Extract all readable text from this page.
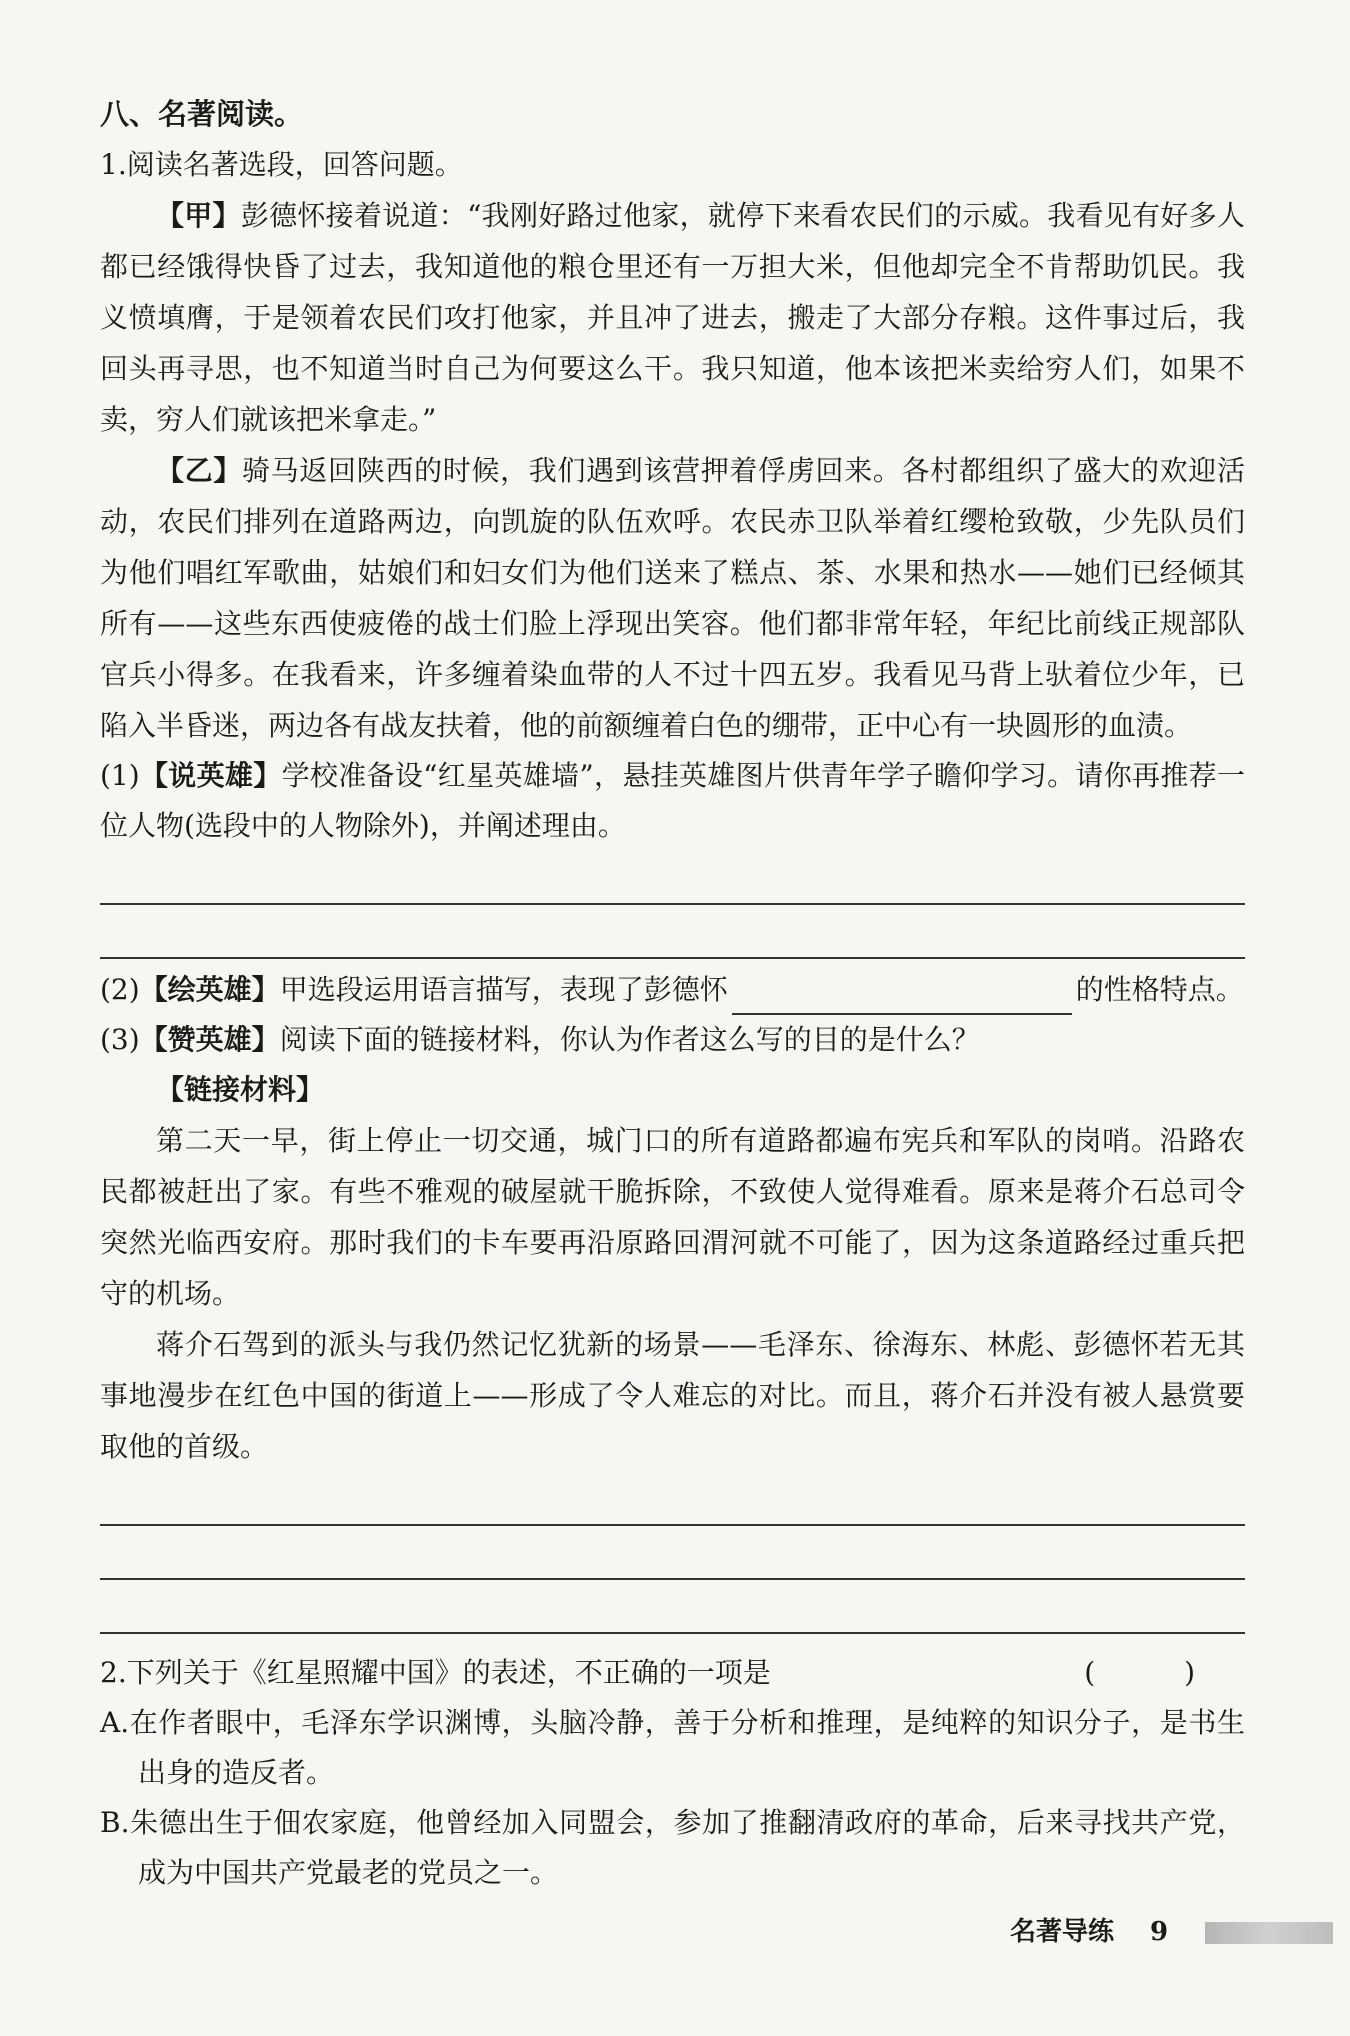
八、名著阅读。

1.阅读名著选段，回答问题。

【甲】彭德怀接着说道：“我刚好路过他家，就停下来看农民们的示威。我看见有好多人都已经饿得快昏了过去，我知道他的粮仓里还有一万担大米，但他却完全不肯帮助饥民。我义愤填膺，于是领着农民们攻打他家，并且冲了进去，搬走了大部分存粮。这件事过后，我回头再寻思，也不知道当时自己为何要这么干。我只知道，他本该把米卖给穷人们，如果不卖，穷人们就该把米拿走。”

【乙】骑马返回陕西的时候，我们遇到该营押着俘虏回来。各村都组织了盛大的欢迎活动，农民们排列在道路两边，向凯旋的队伍欢呼。农民赤卫队举着红缨枪致敬，少先队员们为他们唱红军歌曲，姑娘们和妇女们为他们送来了糕点、茶、水果和热水——她们已经倾其所有——这些东西使疲倦的战士们脸上浮现出笑容。他们都非常年轻，年纪比前线正规部队官兵小得多。在我看来，许多缠着染血带的人不过十四五岁。我看见马背上驮着位少年，已陷入半昏迷，两边各有战友扶着，他的前额缠着白色的绷带，正中心有一块圆形的血渍。

(1)【说英雄】学校准备设“红星英雄墙”，悬挂英雄图片供青年学子瞻仰学习。请你再推荐一位人物(选段中的人物除外)，并阐述理由。

(2)【绘英雄】甲选段运用语言描写，表现了彭德怀	的性格特点。

(3)【赞英雄】阅读下面的链接材料，你认为作者这么写的目的是什么？

【链接材料】

第二天一早，街上停止一切交通，城门口的所有道路都遍布宪兵和军队的岗哨。沿路农民都被赶出了家。有些不雅观的破屋就干脆拆除，不致使人觉得难看。原来是蒋介石总司令突然光临西安府。那时我们的卡车要再沿原路回渭河就不可能了，因为这条道路经过重兵把守的机场。

蒋介石驾到的派头与我仍然记忆犹新的场景——毛泽东、徐海东、林彪、彭德怀若无其事地漫步在红色中国的街道上——形成了令人难忘的对比。而且，蒋介石并没有被人悬赏要取他的首级。

2.下列关于《红星照耀中国》的表述，不正确的一项是	( )

A.在作者眼中，毛泽东学识渊博，头脑冷静，善于分析和推理，是纯粹的知识分子，是书生出身的造反者。

B.朱德出生于佃农家庭，他曾经加入同盟会，参加了推翻清政府的革命，后来寻找共产党，成为中国共产党最老的党员之一。

名著导练 9
